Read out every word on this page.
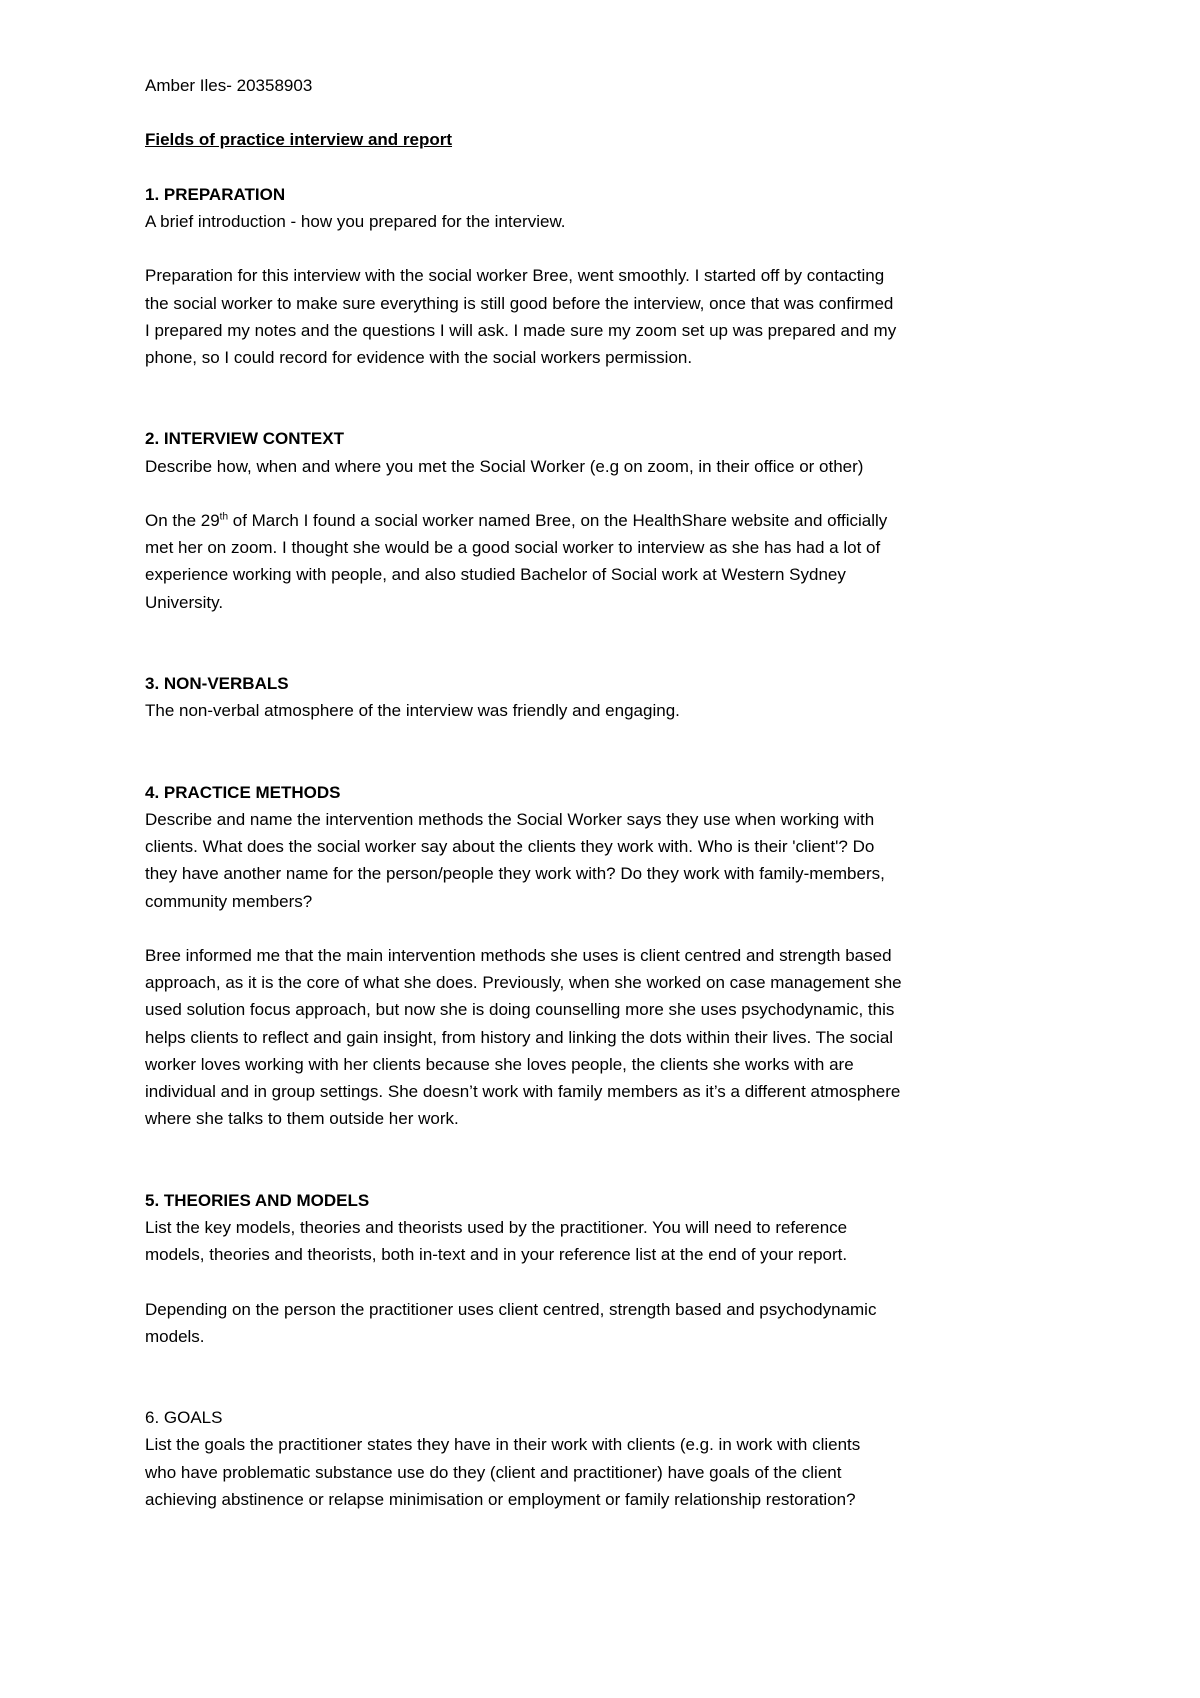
Amber Iles- 20358903
Fields of practice interview and report
1. PREPARATION
A brief introduction - how you prepared for the interview.
Preparation for this interview with the social worker Bree, went smoothly. I started off by contacting
the social worker to make sure everything is still good before the interview, once that was confirmed
I prepared my notes and the questions I will ask. I made sure my zoom set up was prepared and my
phone, so I could record for evidence with the social workers permission.
2. INTERVIEW CONTEXT
Describe how, when and where you met the Social Worker (e.g on zoom, in their office or other)
On the 29th of March I found a social worker named Bree, on the HealthShare website and officially
met her on zoom. I thought she would be a good social worker to interview as she has had a lot of
experience working with people, and also studied Bachelor of Social work at Western Sydney
University.
3. NON-VERBALS
The non-verbal atmosphere of the interview was friendly and engaging.
4. PRACTICE METHODS
Describe and name the intervention methods the Social Worker says they use when working with
clients. What does the social worker say about the clients they work with. Who is their 'client'? Do
they have another name for the person/people they work with? Do they work with family-members,
community members?
Bree informed me that the main intervention methods she uses is client centred and strength based
approach, as it is the core of what she does. Previously, when she worked on case management she
used solution focus approach, but now she is doing counselling more she uses psychodynamic, this
helps clients to reflect and gain insight, from history and linking the dots within their lives. The social
worker loves working with her clients because she loves people, the clients she works with are
individual and in group settings. She doesn’t work with family members as it’s a different atmosphere
where she talks to them outside her work.
5. THEORIES AND MODELS
List the key models, theories and theorists used by the practitioner. You will need to reference
models, theories and theorists, both in-text and in your reference list at the end of your report.
Depending on the person the practitioner uses client centred, strength based and psychodynamic
models.
6. GOALS
List the goals the practitioner states they have in their work with clients (e.g. in work with clients
who have problematic substance use do they (client and practitioner) have goals of the client
achieving abstinence or relapse minimisation or employment or family relationship restoration?
